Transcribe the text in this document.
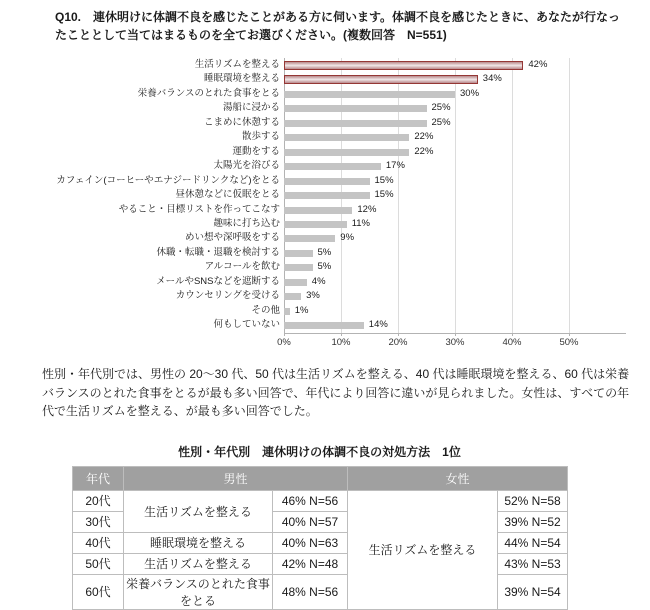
Q10.　連休明けに体調不良を感じたことがある方に伺います。体調不良を感じたときに、あなたが行なったこととして当てはまるものを全てお選びください。(複数回答　N=551)
0%	10%	20%	30%	40%	50%
生活リズムを整える	42%
睡眠環境を整える	34%
栄養バランスのとれた食事をとる	30%
湯船に浸かる	25%
こまめに休憩する	25%
散歩する	22%
運動をする	22%
太陽光を浴びる	17%
カフェイン(コーヒーやエナジードリンクなど)をとる	15%
昼休憩などに仮眠をとる	15%
やること・目標リストを作ってこなす	12%
趣味に打ち込む	11%
めい想や深呼吸をする	9%
休職・転職・退職を検討する	5%
アルコールを飲む	5%
メールやSNSなどを遮断する	4%
カウンセリングを受ける	3%
その他 1%
何もしていない	14%
性別・年代別では、男性の 20～30 代、50 代は生活リズムを整える、40 代は睡眠環境を整える、60 代は栄養バランスのとれた食事をとるが最も多い回答で、年代により回答に違いが見られました。女性は、すべての年代で生活リズムを整える、が最も多い回答でした。
性別・年代別　連休明けの体調不良の対処方法　1位
年代	男性		女性	
20代	生活リズムを整える	46% N=56	生活リズムを整える	52% N=58
30代		40% N=57		39% N=52
40代	睡眠環境を整える	40% N=63		44% N=54
50代	生活リズムを整える	42% N=48		43% N=53
60代	栄養バランスのとれた食事をとる	48% N=56		39% N=54
